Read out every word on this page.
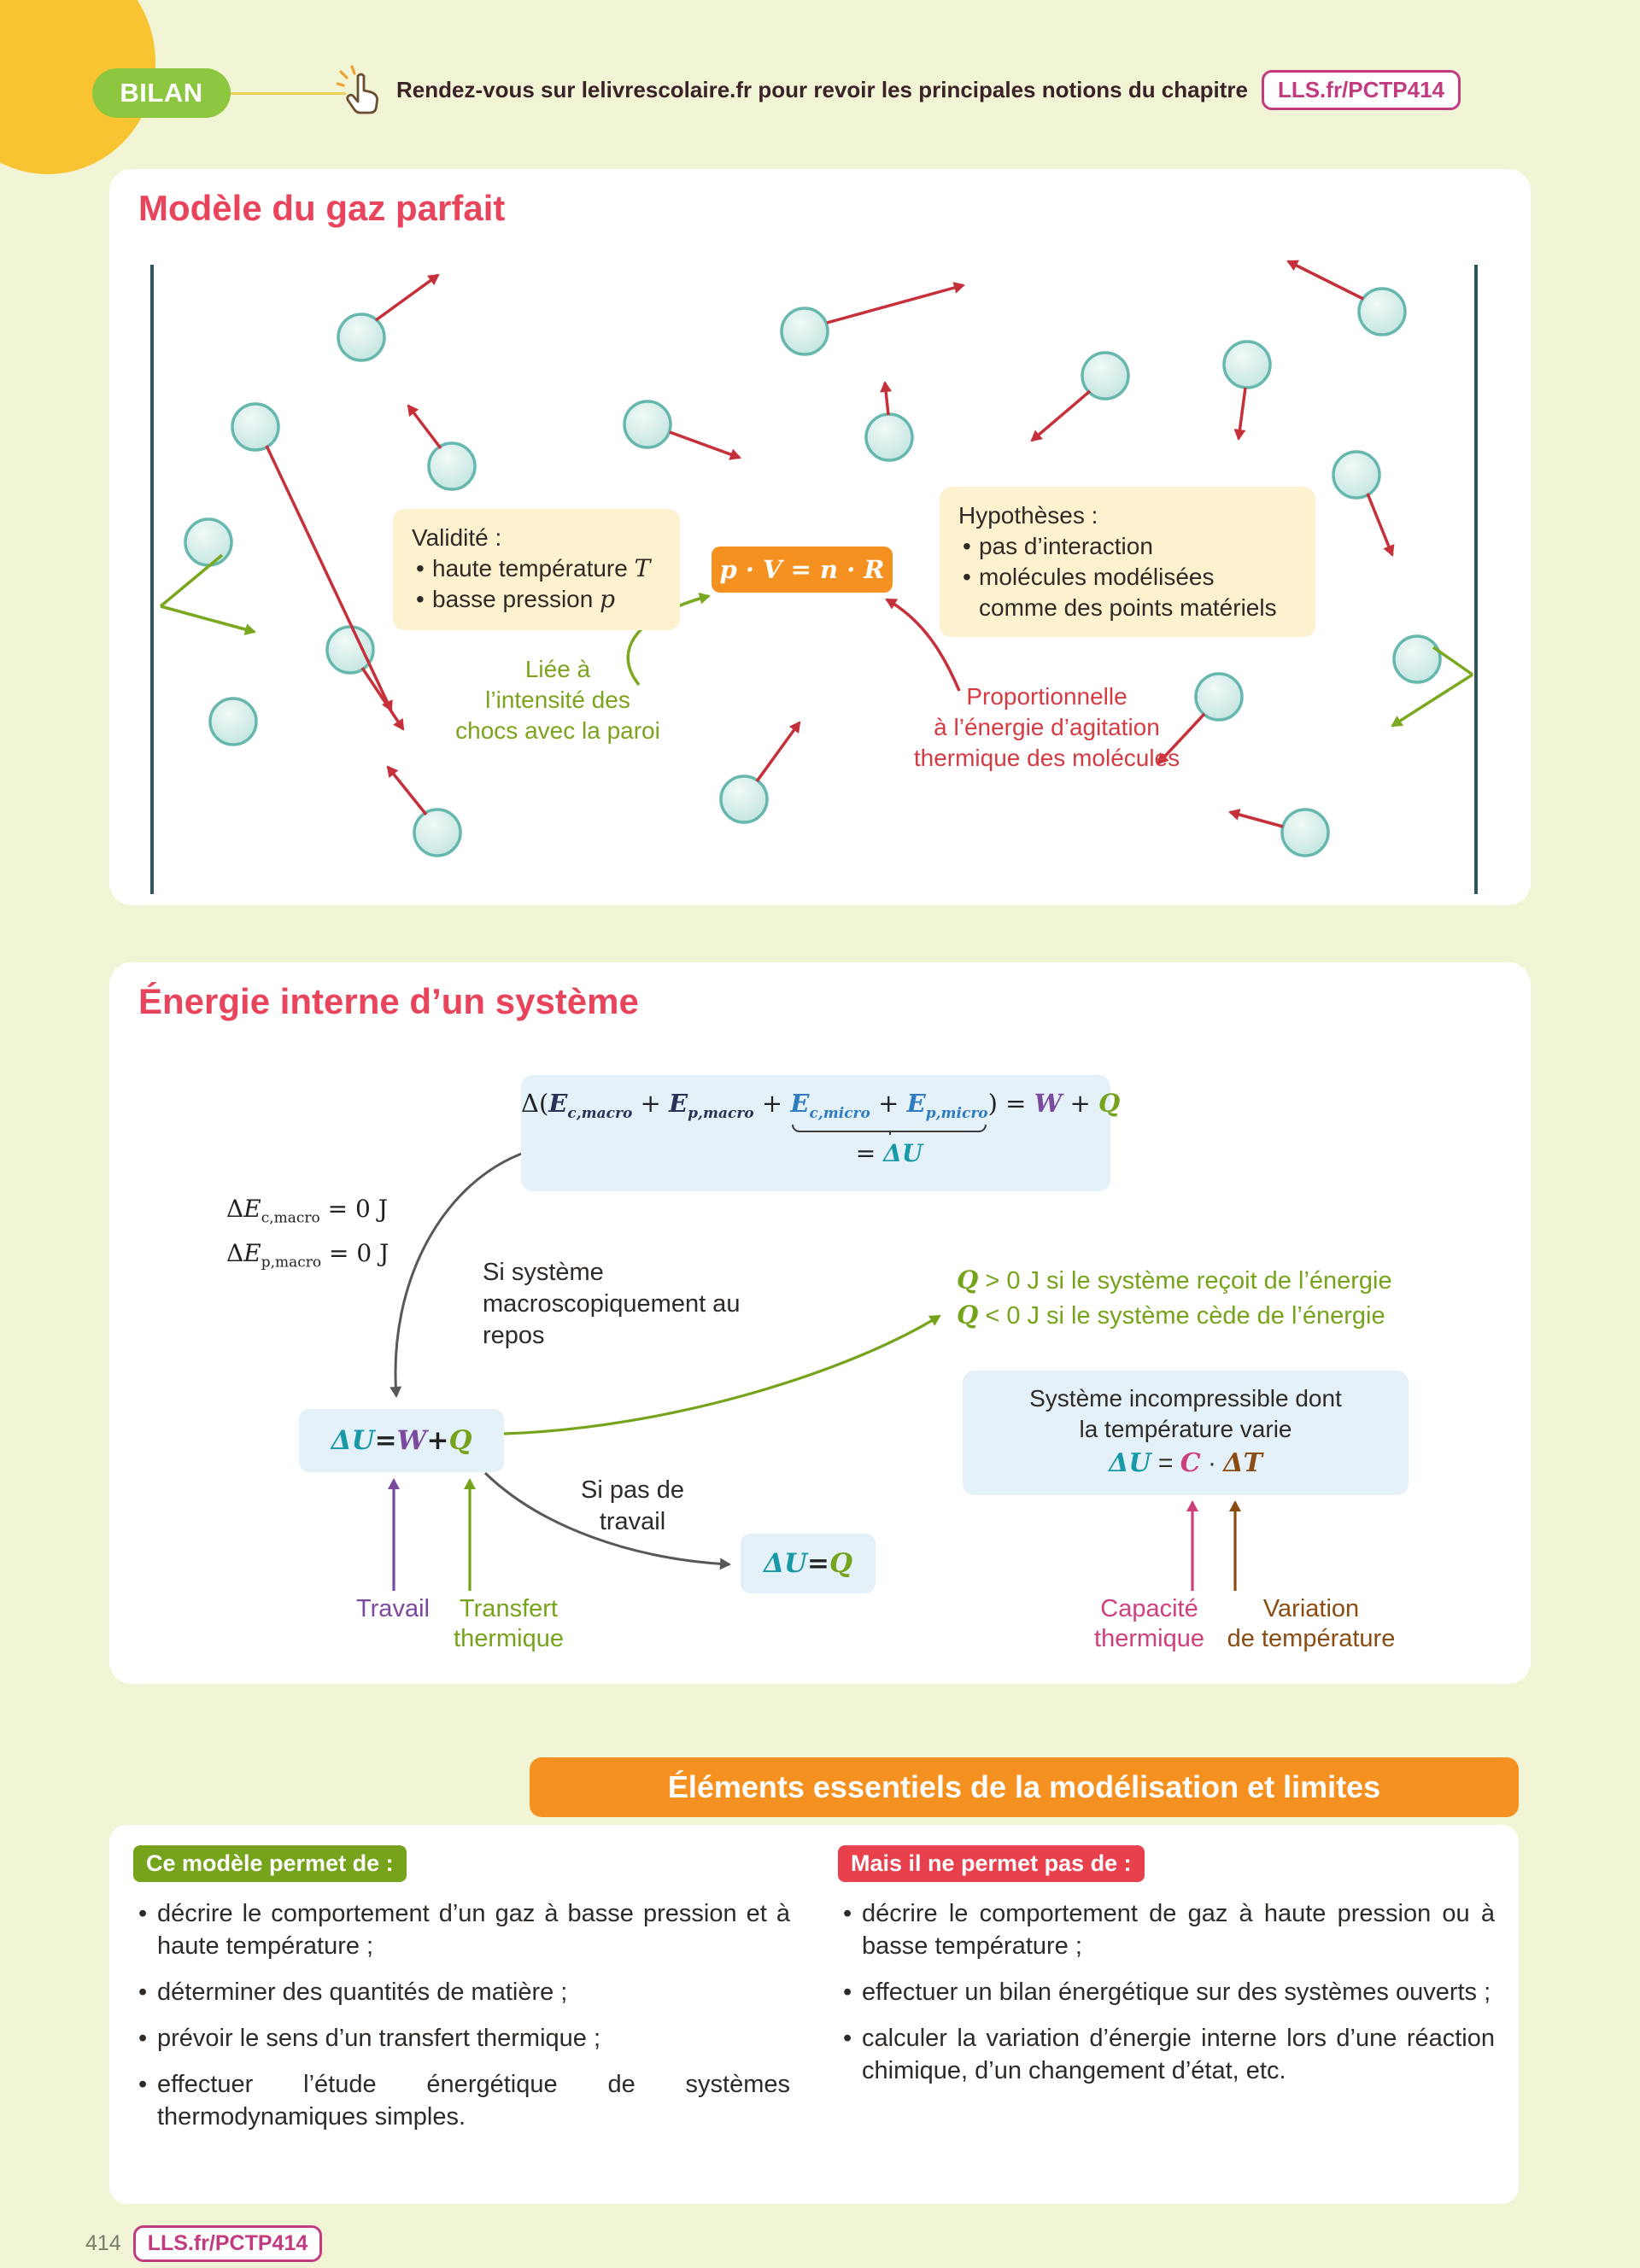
BILAN	Rendez-vous sur lelivrescolaire.fr pour revoir les principales notions du chapitre	LLS.fr/PCTP414
Modèle du gaz parfait
Validité :
• haute température T
• basse pression p
p · V = n · R · T
Hypothèses :
• pas d’interaction
• molécules modélisées comme des points matériels
Liée à
l’intensité des
chocs avec la paroi
Proportionnelle
à l’énergie d’agitation
thermique des molécules
Énergie interne d’un système
$\Delta(E_{c,macro} + E_{p,macro} + E_{c,micro} + E_{p,micro}$
= ΔU
) = W + Q
$\Delta E_{c,macro} = 0$ J
$\Delta E_{p,macro} = 0$ J
Si système macroscopiquement au repos
Q > 0 J si le système reçoit de l’énergie
Q < 0 J si le système cède de l’énergie
ΔU = W + Q
Système incompressible dont
la température varie
ΔU = C · ΔT
Si pas de
travail
ΔU = Q
Travail	Transfert
thermique
Capacité
thermique
Variation
de température
Éléments essentiels de la modélisation et limites
Ce modèle permet de :
• décrire le comportement d’un gaz à basse pression et à haute température ;
• déterminer des quantités de matière ;
• prévoir le sens d’un transfert thermique ;
• effectuer l’étude énergétique de systèmes thermodynamiques simples.
Mais il ne permet pas de :
• décrire le comportement de gaz à haute pression ou à basse température ;
• effectuer un bilan énergétique sur des systèmes ouverts ;
• calculer la variation d’énergie interne lors d’une réaction chimique, d’un changement d’état, etc.
414	LLS.fr/PCTP414
